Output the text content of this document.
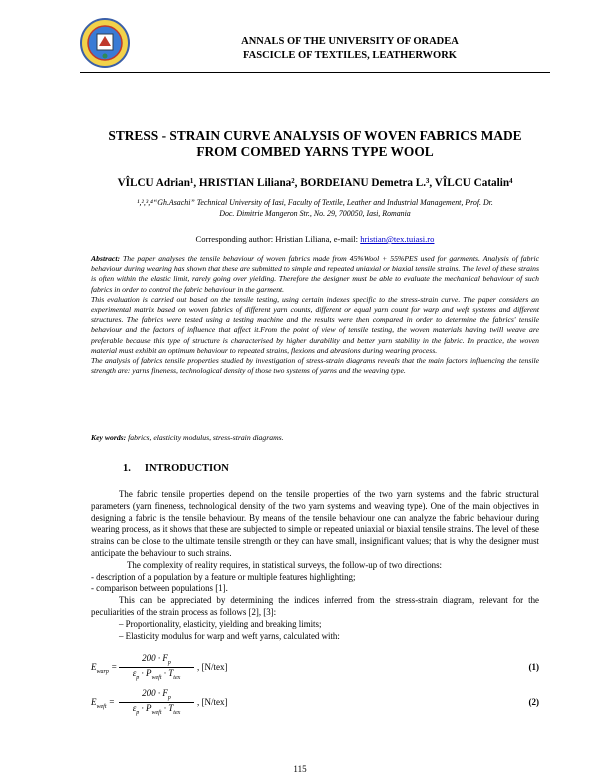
ANNALS OF THE UNIVERSITY OF ORADEA
FASCICLE OF TEXTILES, LEATHERWORK
STRESS - STRAIN CURVE ANALYSIS OF WOVEN FABRICS MADE
FROM COMBED YARNS TYPE WOOL
VÎLCU Adrian¹, HRISTIAN Liliana², BORDEIANU Demetra L.³, VÎLCU Catalin⁴
¹,²,³,⁴“Gh.Asachi” Technical University of Iasi, Faculty of Textile, Leather and Industrial Management, Prof. Dr.
Doc. Dimitrie Mangeron Str., No. 29, 700050, Iasi, Romania
Corresponding author: Hristian Liliana, e-mail: hristian@tex.tuiasi.ro

Abstract: The paper analyses the tensile behaviour of woven fabrics made from 45%Wool + 55%PES used for garments. Analysis of fabric behaviour during wearing has shown that these are submitted to simple and repeated uniaxial or biaxial tensile strains. The level of these strains is often within the elastic limit, rarely going over yielding. Therefore the designer must be able to evaluate the mechanical behaviour of such fabrics in order to control the fabric behaviour in the garment.

This evaluation is carried out based on the tensile testing, using certain indexes specific to the stress-strain curve. The paper considers an experimental matrix based on woven fabrics of different yarn counts, different or equal yarn count for warp and weft systems and different structures. The fabrics were tested using a testing machine and the results were then compared in order to determine the fabrics' tensile behaviour and the factors of influence that affect it.From the point of view of tensile testing, the woven materials having twill weave are preferable because this type of structure is characterised by higher durability and better yarn stability in the fabric. In practice, the woven material must exhibit an optimum behaviour to repeated strains, flexions and abrasions during wearing process.

The analysis of fabrics tensile properties studied by investigation of stress-strain diagrams reveals that the main factors influencing the tensile strength are: yarns fineness, technological density of those two systems of yarns and the weaving type.

Key words: fabrics, elasticity modulus, stress-strain diagrams.
1. INTRODUCTION

The fabric tensile properties depend on the tensile properties of the two yarn systems and the fabric structural parameters (yarn fineness, technological density of the two yarn systems and weaving type). One of the main objectives in designing a fabric is the tensile behaviour. By means of the tensile behaviour one can analyze the fabric behaviour during wearing process, as it shows that these are subjected to simple or repeated uniaxial or biaxial tensile strains. The level of these strains can be close to the ultimate tensile strength or they can have small, insignificant values; that is why the designer must anticipate the behaviour to such strains.

The complexity of reality requires, in statistical surveys, the follow-up of two directions:

- description of a population by a feature or multiple features highlighting;

- comparison between populations [1].

This can be appreciated by determining the indices inferred from the stress-strain diagram, relevant for the peculiarities of the strain process as follows [2], [3]:

– Proportionality, elasticity, yielding and breaking limits;

– Elasticity modulus for warp and weft yarns, calculated with:

$E_{warp}$ =
$200 \cdot F_p$
$\varepsilon_p \cdot P_{weft} \cdot T_{tex}$
, [N/tex]	(1)
$E_{weft}$ =
$200 \cdot F_p$
$\varepsilon_p \cdot P_{weft} \cdot T_{tex}$
, [N/tex]	(2)
115
